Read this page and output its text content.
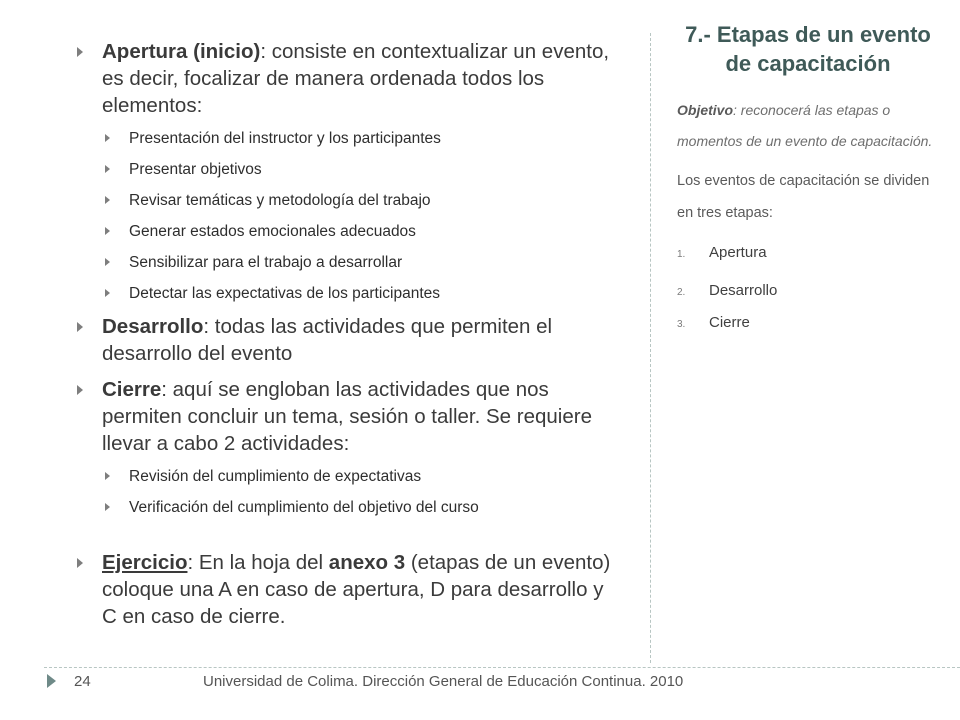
Apertura (inicio): consiste en contextualizar un evento, es decir, focalizar de manera ordenada todos los elementos:
Presentación del instructor y los participantes
Presentar objetivos
Revisar temáticas y metodología del trabajo
Generar estados emocionales adecuados
Sensibilizar para el trabajo a desarrollar
Detectar las expectativas de los participantes
Desarrollo: todas las actividades que permiten el desarrollo del evento
Cierre: aquí se engloban las actividades que nos permiten concluir un tema, sesión o taller. Se requiere llevar a cabo 2 actividades:
Revisión del cumplimiento de expectativas
Verificación del cumplimiento del objetivo del curso
Ejercicio: En la hoja del anexo 3 (etapas de un evento) coloque una A en caso de apertura, D para desarrollo y C en caso de cierre.
7.- Etapas de un evento de capacitación
Objetivo: reconocerá las etapas o momentos de un evento de capacitación.
Los eventos de capacitación se dividen en tres etapas:
1. Apertura
2. Desarrollo
3. Cierre
24	Universidad de Colima. Dirección General de Educación Continua. 2010
